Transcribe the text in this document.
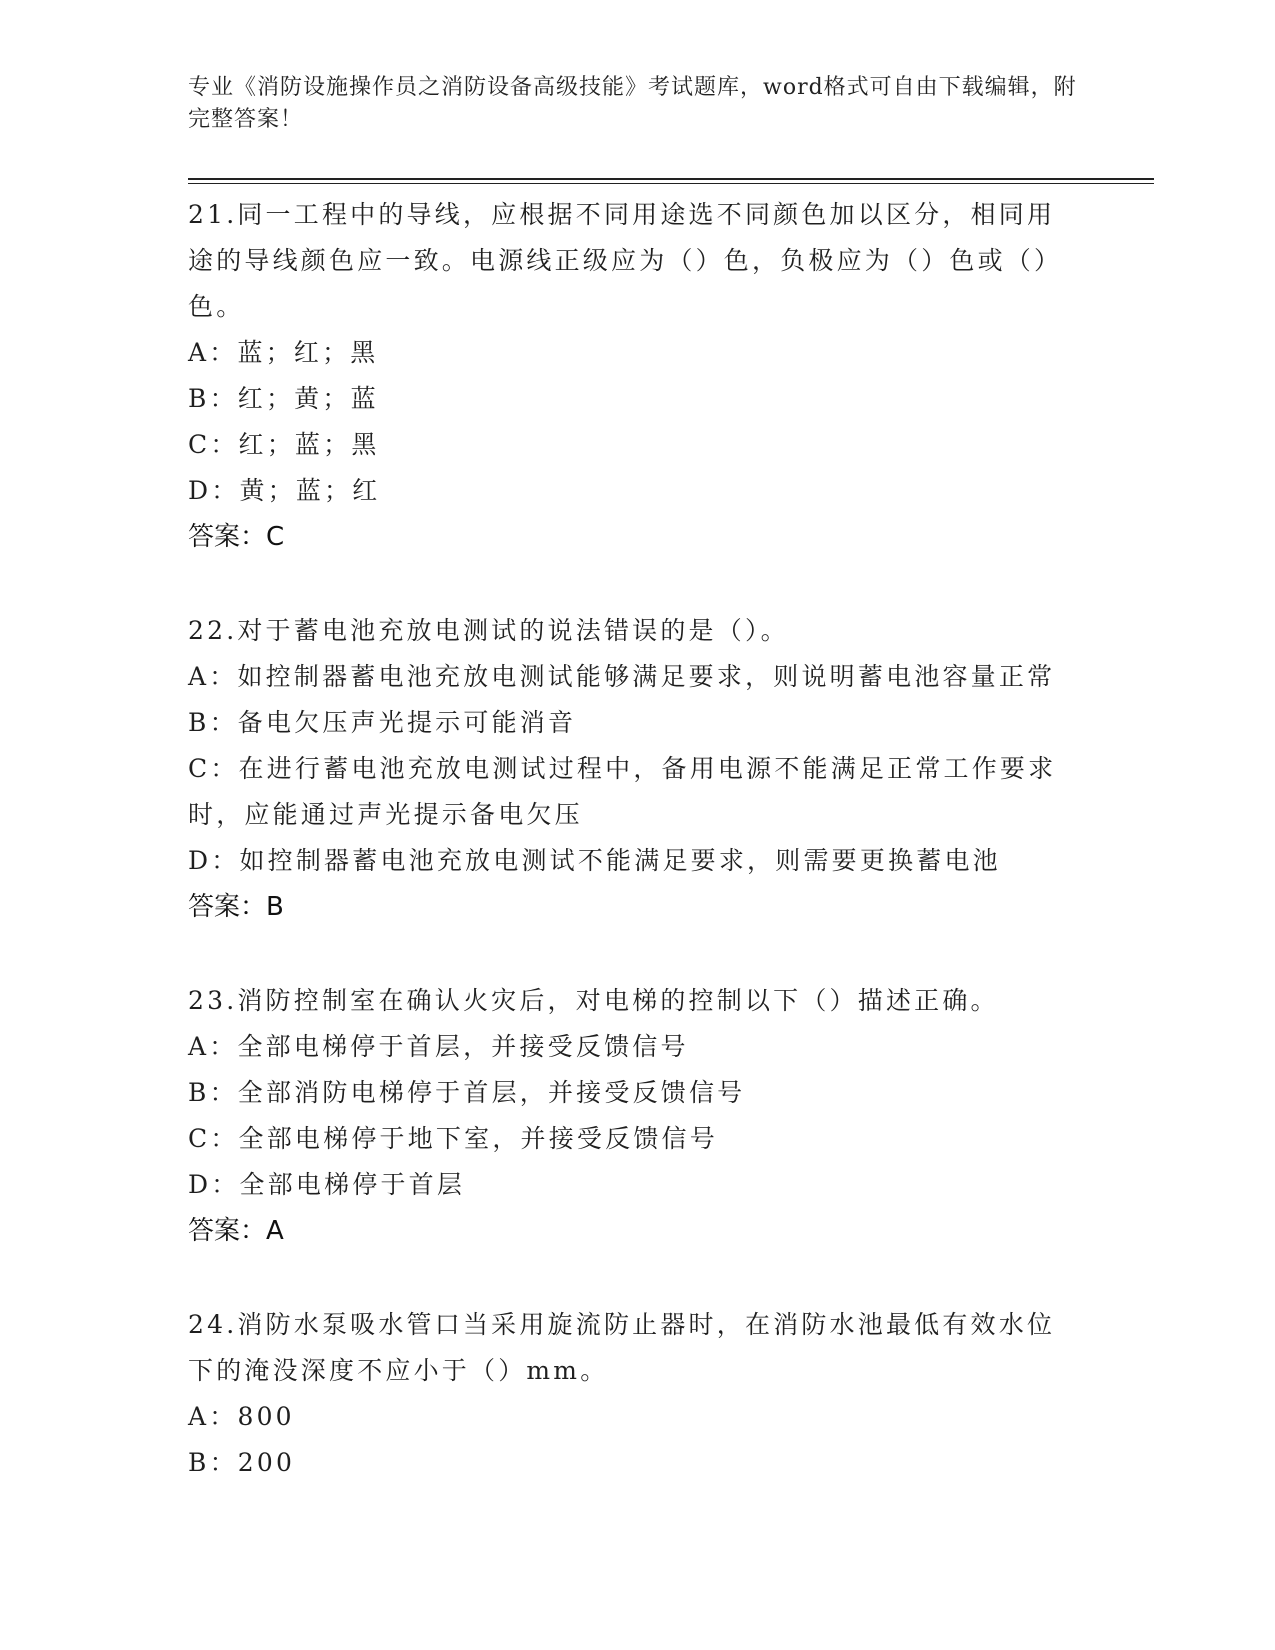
专业《消防设施操作员之消防设备高级技能》考试题库，word格式可自由下载编辑，附完整答案！
21.同一工程中的导线，应根据不同用途选不同颜色加以区分，相同用途的导线颜色应一致。电源线正级应为（）色，负极应为（）色或（）色。
A：蓝；红；黑
B：红；黄；蓝
C：红；蓝；黑
D：黄；蓝；红
答案：C
22.对于蓄电池充放电测试的说法错误的是（）。
A：如控制器蓄电池充放电测试能够满足要求，则说明蓄电池容量正常
B：备电欠压声光提示可能消音
C：在进行蓄电池充放电测试过程中，备用电源不能满足正常工作要求时，应能通过声光提示备电欠压
D：如控制器蓄电池充放电测试不能满足要求，则需要更换蓄电池
答案：B
23.消防控制室在确认火灾后，对电梯的控制以下（）描述正确。
A：全部电梯停于首层，并接受反馈信号
B：全部消防电梯停于首层，并接受反馈信号
C：全部电梯停于地下室，并接受反馈信号
D：全部电梯停于首层
答案：A
24.消防水泵吸水管口当采用旋流防止器时，在消防水池最低有效水位下的淹没深度不应小于（）mm。
A：800
B：200
